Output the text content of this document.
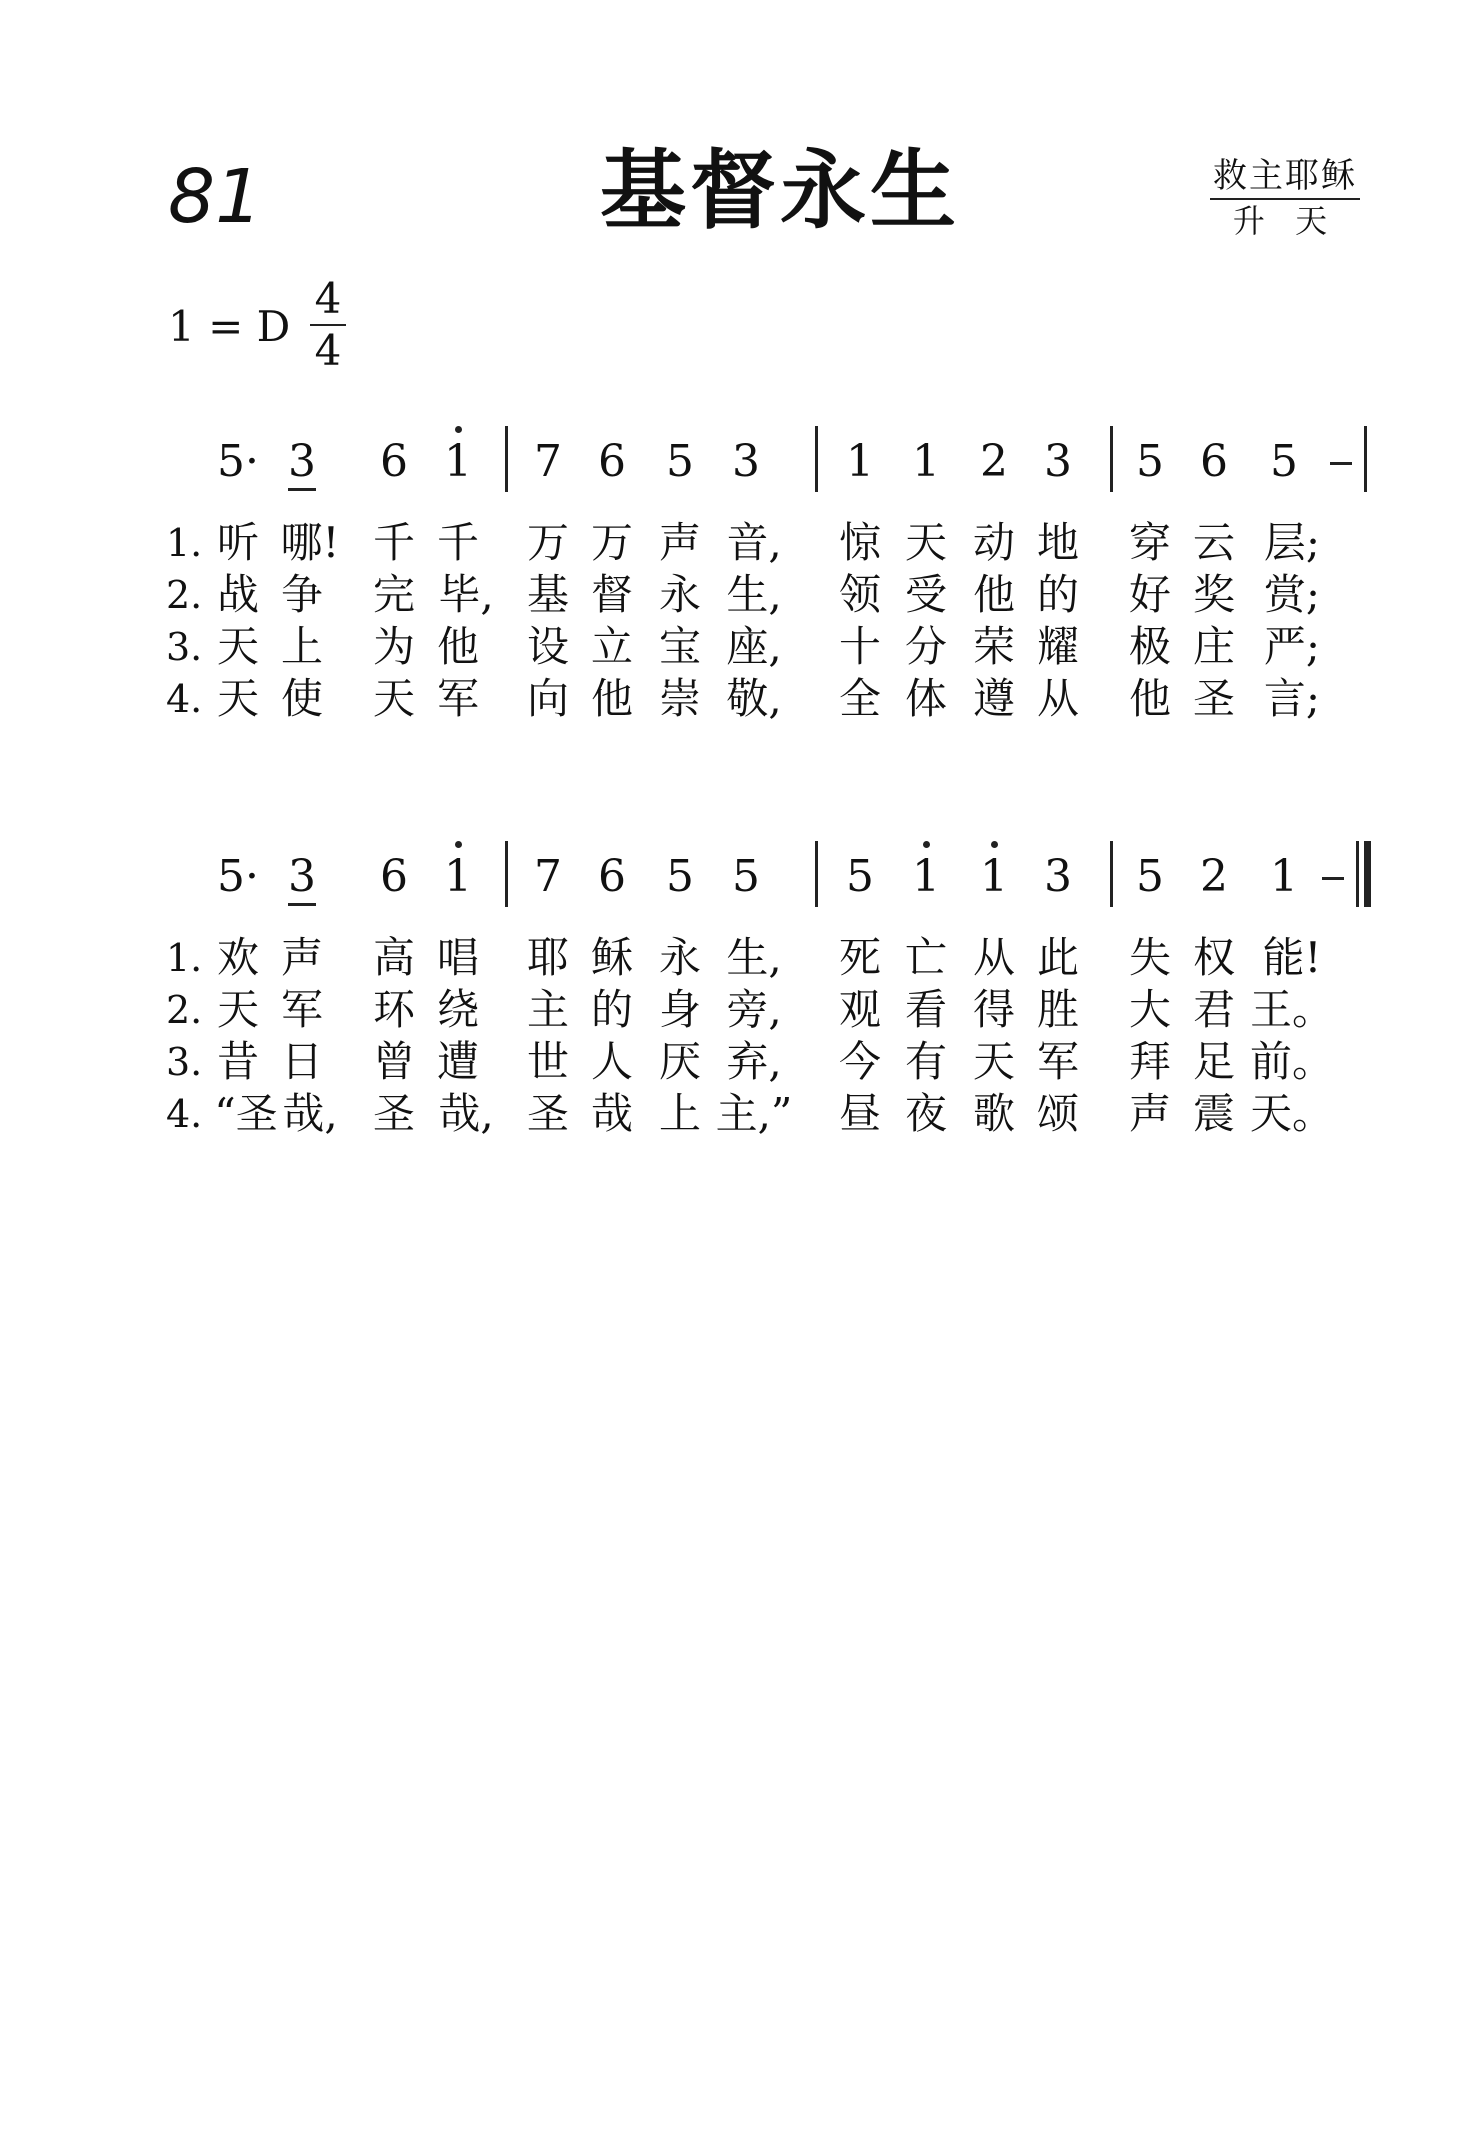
81	基督永生	救主耶稣
升 天
1 = D
4
4
5· 3 6 1 7 6 5 3 1 1 2 3 5 6 5
1. 听 哪! 千 千 万 万 声 音, 惊 天 动 地 穿 云 层;
2. 战 争 完 毕, 基 督 永 生, 领 受 他 的 好 奖 赏;
3. 天 上 为 他 设 立 宝 座, 十 分 荣 耀 极 庄 严;
4. 天 使 天 军 向 他 崇 敬, 全 体 遵 从 他 圣 言;
5· 3 6 1 7 6 5 5 5 1 1 3 5 2 1
1. 欢 声 高 唱 耶 稣 永 生, 死 亡 从 此 失 权 能!
2. 天 军 环 绕 主 的 身 旁, 观 看 得 胜 大 君 王。
3. 昔 日 曾 遭 世 人 厌 弃, 今 有 天 军 拜 足 前。
4. “圣 哉, 圣 哉, 圣 哉 上 主,” 昼 夜 歌 颂 声 震 天。
